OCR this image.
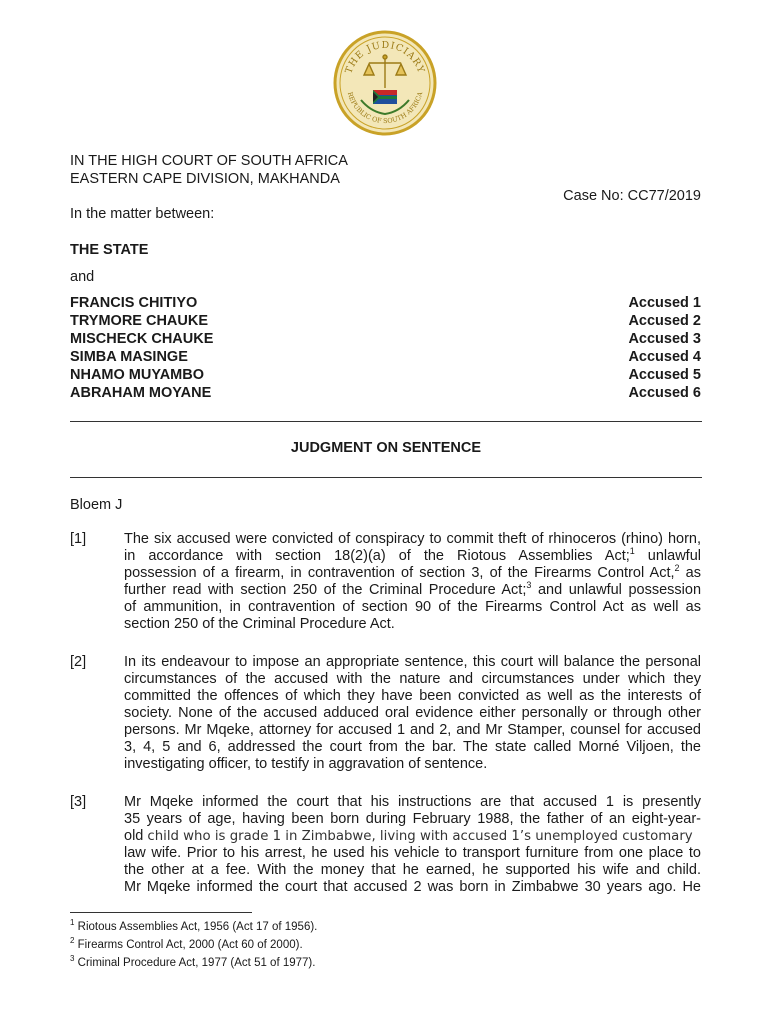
THE JUDICIARY
REPUBLIC OF SOUTH AFRICA
IN THE HIGH COURT OF SOUTH AFRICA
EASTERN CAPE DIVISION, MAKHANDA
Case No: CC77/2019
In the matter between:
THE STATE
and
FRANCIS CHITIYO	Accused 1
TRYMORE CHAUKE	Accused 2
MISCHECK CHAUKE	Accused 3
SIMBA MASINGE	Accused 4
NHAMO MUYAMBO	Accused 5
ABRAHAM MOYANE	Accused 6
JUDGMENT ON SENTENCE
Bloem J
[1]	The six accused were convicted of conspiracy to commit theft of rhinoceros (rhino) horn,
in accordance with section 18(2)(a) of the Riotous Assemblies Act;$^1$ unlawful
possession of a firearm, in contravention of section 3, of the Firearms Control Act,$^2$ as
further read with section 250 of the Criminal Procedure Act;$^3$ and unlawful possession
of ammunition, in contravention of section 90 of the Firearms Control Act as well as
section 250 of the Criminal Procedure Act.
[2]	In its endeavour to impose an appropriate sentence, this court will balance the personal
circumstances of the accused with the nature and circumstances under which they
committed the offences of which they have been convicted as well as the interests of
society. None of the accused adduced oral evidence either personally or through other
persons. Mr Mqeke, attorney for accused 1 and 2, and Mr Stamper, counsel for accused
3, 4, 5 and 6, addressed the court from the bar. The state called Morné Viljoen, the
investigating officer, to testify in aggravation of sentence.
[3]	Mr Mqeke informed the court that his instructions are that accused 1 is presently
35 years of age, having been born during February 1988, the father of an eight-year-
old child who is grade 1 in Zimbabwe, living with accused 1’s unemployed customary
law wife. Prior to his arrest, he used his vehicle to transport furniture from one place to
the other at a fee. With the money that he earned, he supported his wife and child.
Mr Mqeke informed the court that accused 2 was born in Zimbabwe 30 years ago. He
$^1$ Riotous Assemblies Act, 1956 (Act 17 of 1956).
$^2$ Firearms Control Act, 2000 (Act 60 of 2000).
$^3$ Criminal Procedure Act, 1977 (Act 51 of 1977).
